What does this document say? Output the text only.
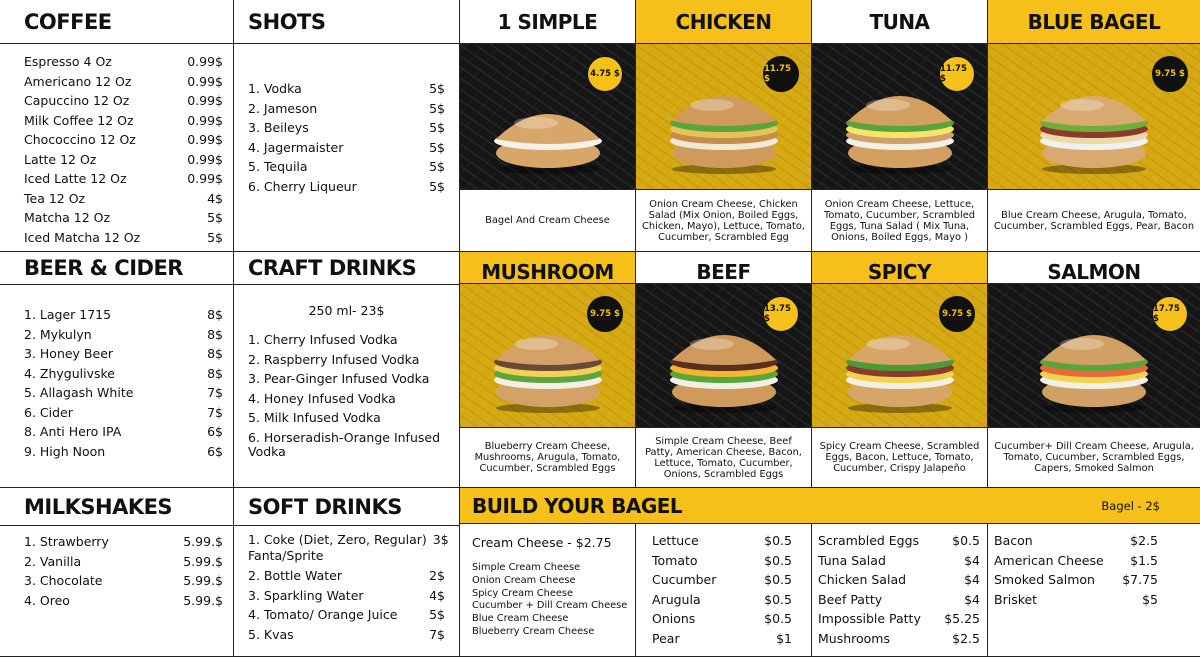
COFFEE
Espresso 4 Oz	0.99$
Americano 12 Oz	0.99$
Capuccino 12 Oz	0.99$
Milk Coffee 12 Oz	0.99$
Chococcino 12 Oz	0.99$
Latte 12 Oz	0.99$
Iced Latte 12 Oz	0.99$
Tea 12 Oz	4$
Matcha 12 Oz	5$
Iced Matcha 12 Oz	5$
SHOTS
1. Vodka	5$
2. Jameson	5$
3. Beileys	5$
4. Jagermaister	5$
5. Tequila	5$
6. Cherry Liqueur	5$
BEER & CIDER
1. Lager 1715	8$
2. Mykulyn	8$
3. Honey Beer	8$
4. Zhygulivske	8$
5. Allagash White	7$
6. Cider	7$
8. Anti Hero IPA	6$
9. High Noon	6$
CRAFT DRINKS
250 ml- 23$
1. Cherry Infused Vodka
2. Raspberry Infused Vodka
3. Pear-Ginger Infused Vodka
4. Honey Infused Vodka
5. Milk Infused Vodka
6. Horseradish-Orange Infused Vodka
MILKSHAKES
1. Strawberry	5.99.$
2. Vanilla	5.99.$
3. Chocolate	5.99.$
4. Oreo	5.99.$
SOFT DRINKS
1. Coke (Diet, Zero, Regular) 3$
Fanta/Sprite
2. Bottle Water	2$
3. Sparkling Water	4$
4. Tomato/ Orange Juice	5$
5. Kvas	7$
1 SIMPLE
4.75 $
Bagel And Cream Cheese
CHICKEN
11.75 $
Onion Cream Cheese, Chicken Salad (Mix Onion, Boiled Eggs, Chicken, Mayo), Lettuce, Tomato, Cucumber, Scrambled Egg
TUNA
11.75 $
Onion Cream Cheese, Lettuce, Tomato, Cucumber, Scrambled Eggs, Tuna Salad ( Mix Tuna, Onions, Boiled Eggs, Mayo )
BLUE BAGEL
9.75 $
Blue Cream Cheese, Arugula, Tomato, Cucumber, Scrambled Eggs, Pear, Bacon
MUSHROOM
9.75 $
Blueberry Cream Cheese, Mushrooms, Arugula, Tomato, Cucumber, Scrambled Eggs
BEEF
13.75 $
Simple Cream Cheese, Beef Patty, American Cheese, Bacon, Lettuce, Tomato, Cucumber, Onions, Scrambled Eggs
SPICY
9.75 $
Spicy Cream Cheese, Scrambled Eggs, Bacon, Lettuce, Tomato, Cucumber, Crispy Jalapeño
SALMON
17.75 $
Cucumber+ Dill Cream Cheese, Arugula, Tomato, Cucumber, Scrambled Eggs, Capers, Smoked Salmon
BUILD YOUR BAGEL	Bagel - 2$
Cream Cheese - $2.75
Simple Cream Cheese
Onion Cream Cheese
Spicy Cream Cheese
Cucumber + Dill Cream Cheese
Blue Cream Cheese
Blueberry Cream Cheese
Lettuce	$0.5
Tomato	$0.5
Cucumber	$0.5
Arugula	$0.5
Onions	$0.5
Pear	$1
Scrambled Eggs	$0.5
Tuna Salad	$4
Chicken Salad	$4
Beef Patty	$4
Impossible Patty $5.25
Mushrooms	$2.5
Bacon	$2.5
American Cheese $1.5
Smoked Salmon $7.75
Brisket	$5
